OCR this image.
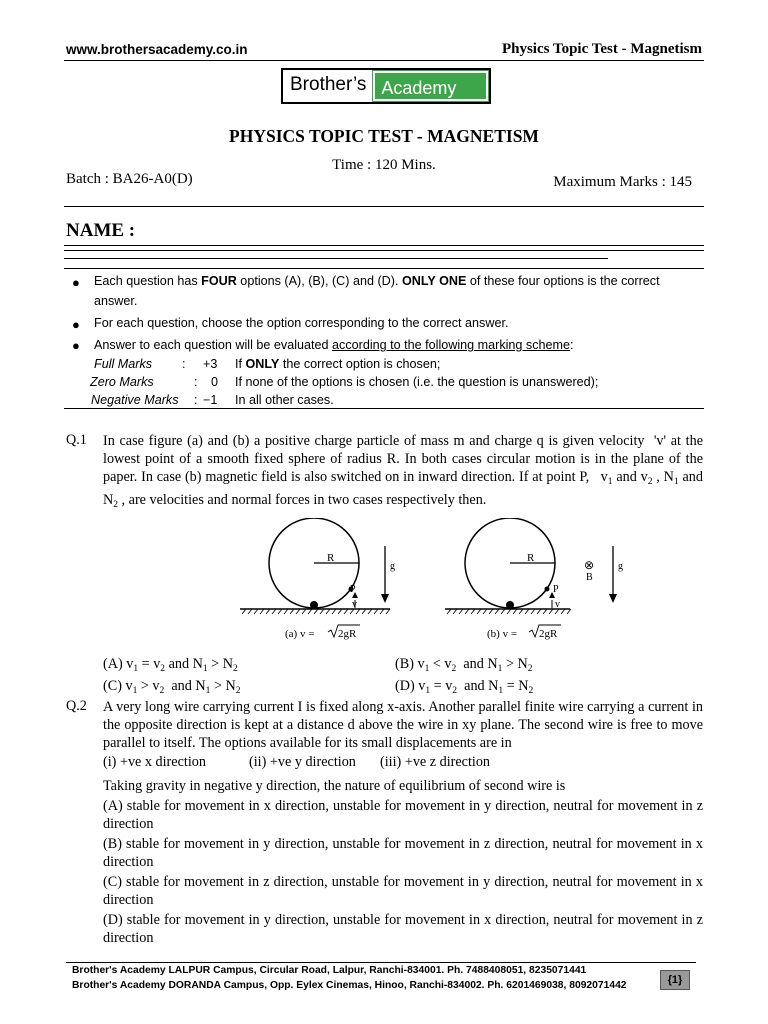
www.brothersacademy.co.in	Physics Topic Test - Magnetism
Brother’s Academy
PHYSICS TOPIC TEST - MAGNETISM
Time : 120 Mins.
Batch : BA26-A0(D)	Maximum Marks : 145
NAME :
● Each question has FOUR options (A), (B), (C) and (D). ONLY ONE of these four options is the correct
answer.
● For each question, choose the option corresponding to the correct answer.
● Answer to each question will be evaluated according to the following marking scheme:
Full Marks : +3 If ONLY the correct option is chosen;
Zero Marks	: 0 If none of the options is chosen (i.e. the question is unanswered);
Negative Marks : −1 In all other cases.
Q.1 In case figure (a) and (b) a positive charge particle of mass m and charge q is given velocity  'v' at the lowest point of a smooth fixed sphere of radius R. In both cases circular motion is in the plane of the paper. In case (b) magnetic field is also switched on in inward direction. If at point P,   $v_1$ and $v_2$ , $N_1$ and $N_2$ , are velocities and normal forces in two cases respectively then.
R
g
P
v
(a) v = 2gR
R	⊗
B
g
P
v
(b) v = 2gR
(A) $v_1 = v_2$ and $N_1 > N_2$	(B) $v_1 < v_2$  and $N_1 > N_2$
(C) $v_1 > v_2$  and $N_1 > N_2$	(D) $v_1 = v_2$  and $N_1 = N_2$
Q.2 A very long wire carrying current I is fixed along x-axis. Another parallel finite wire carrying a current in the opposite direction is kept at a distance d above the wire in xy plane. The second wire is free to move parallel to itself. The options available for its small displacements are in
(i) +ve x direction	(ii) +ve y direction (iii) +ve z direction
Taking gravity in negative y direction, the nature of equilibrium of second wire is
(A) stable for movement in x direction, unstable for movement in y direction, neutral for movement in z direction
(B) stable for movement in y direction, unstable for movement in z direction, neutral for movement in x direction
(C) stable for movement in z direction, unstable for movement in y direction, neutral for movement in x direction
(D) stable for movement in y direction, unstable for movement in x direction, neutral for movement in z direction
Brother's Academy LALPUR Campus, Circular Road, Lalpur, Ranchi-834001. Ph. 7488408051, 8235071441
Brother's Academy DORANDA Campus, Opp. Eylex Cinemas, Hinoo, Ranchi-834002. Ph. 6201469038, 8092071442	{1}
